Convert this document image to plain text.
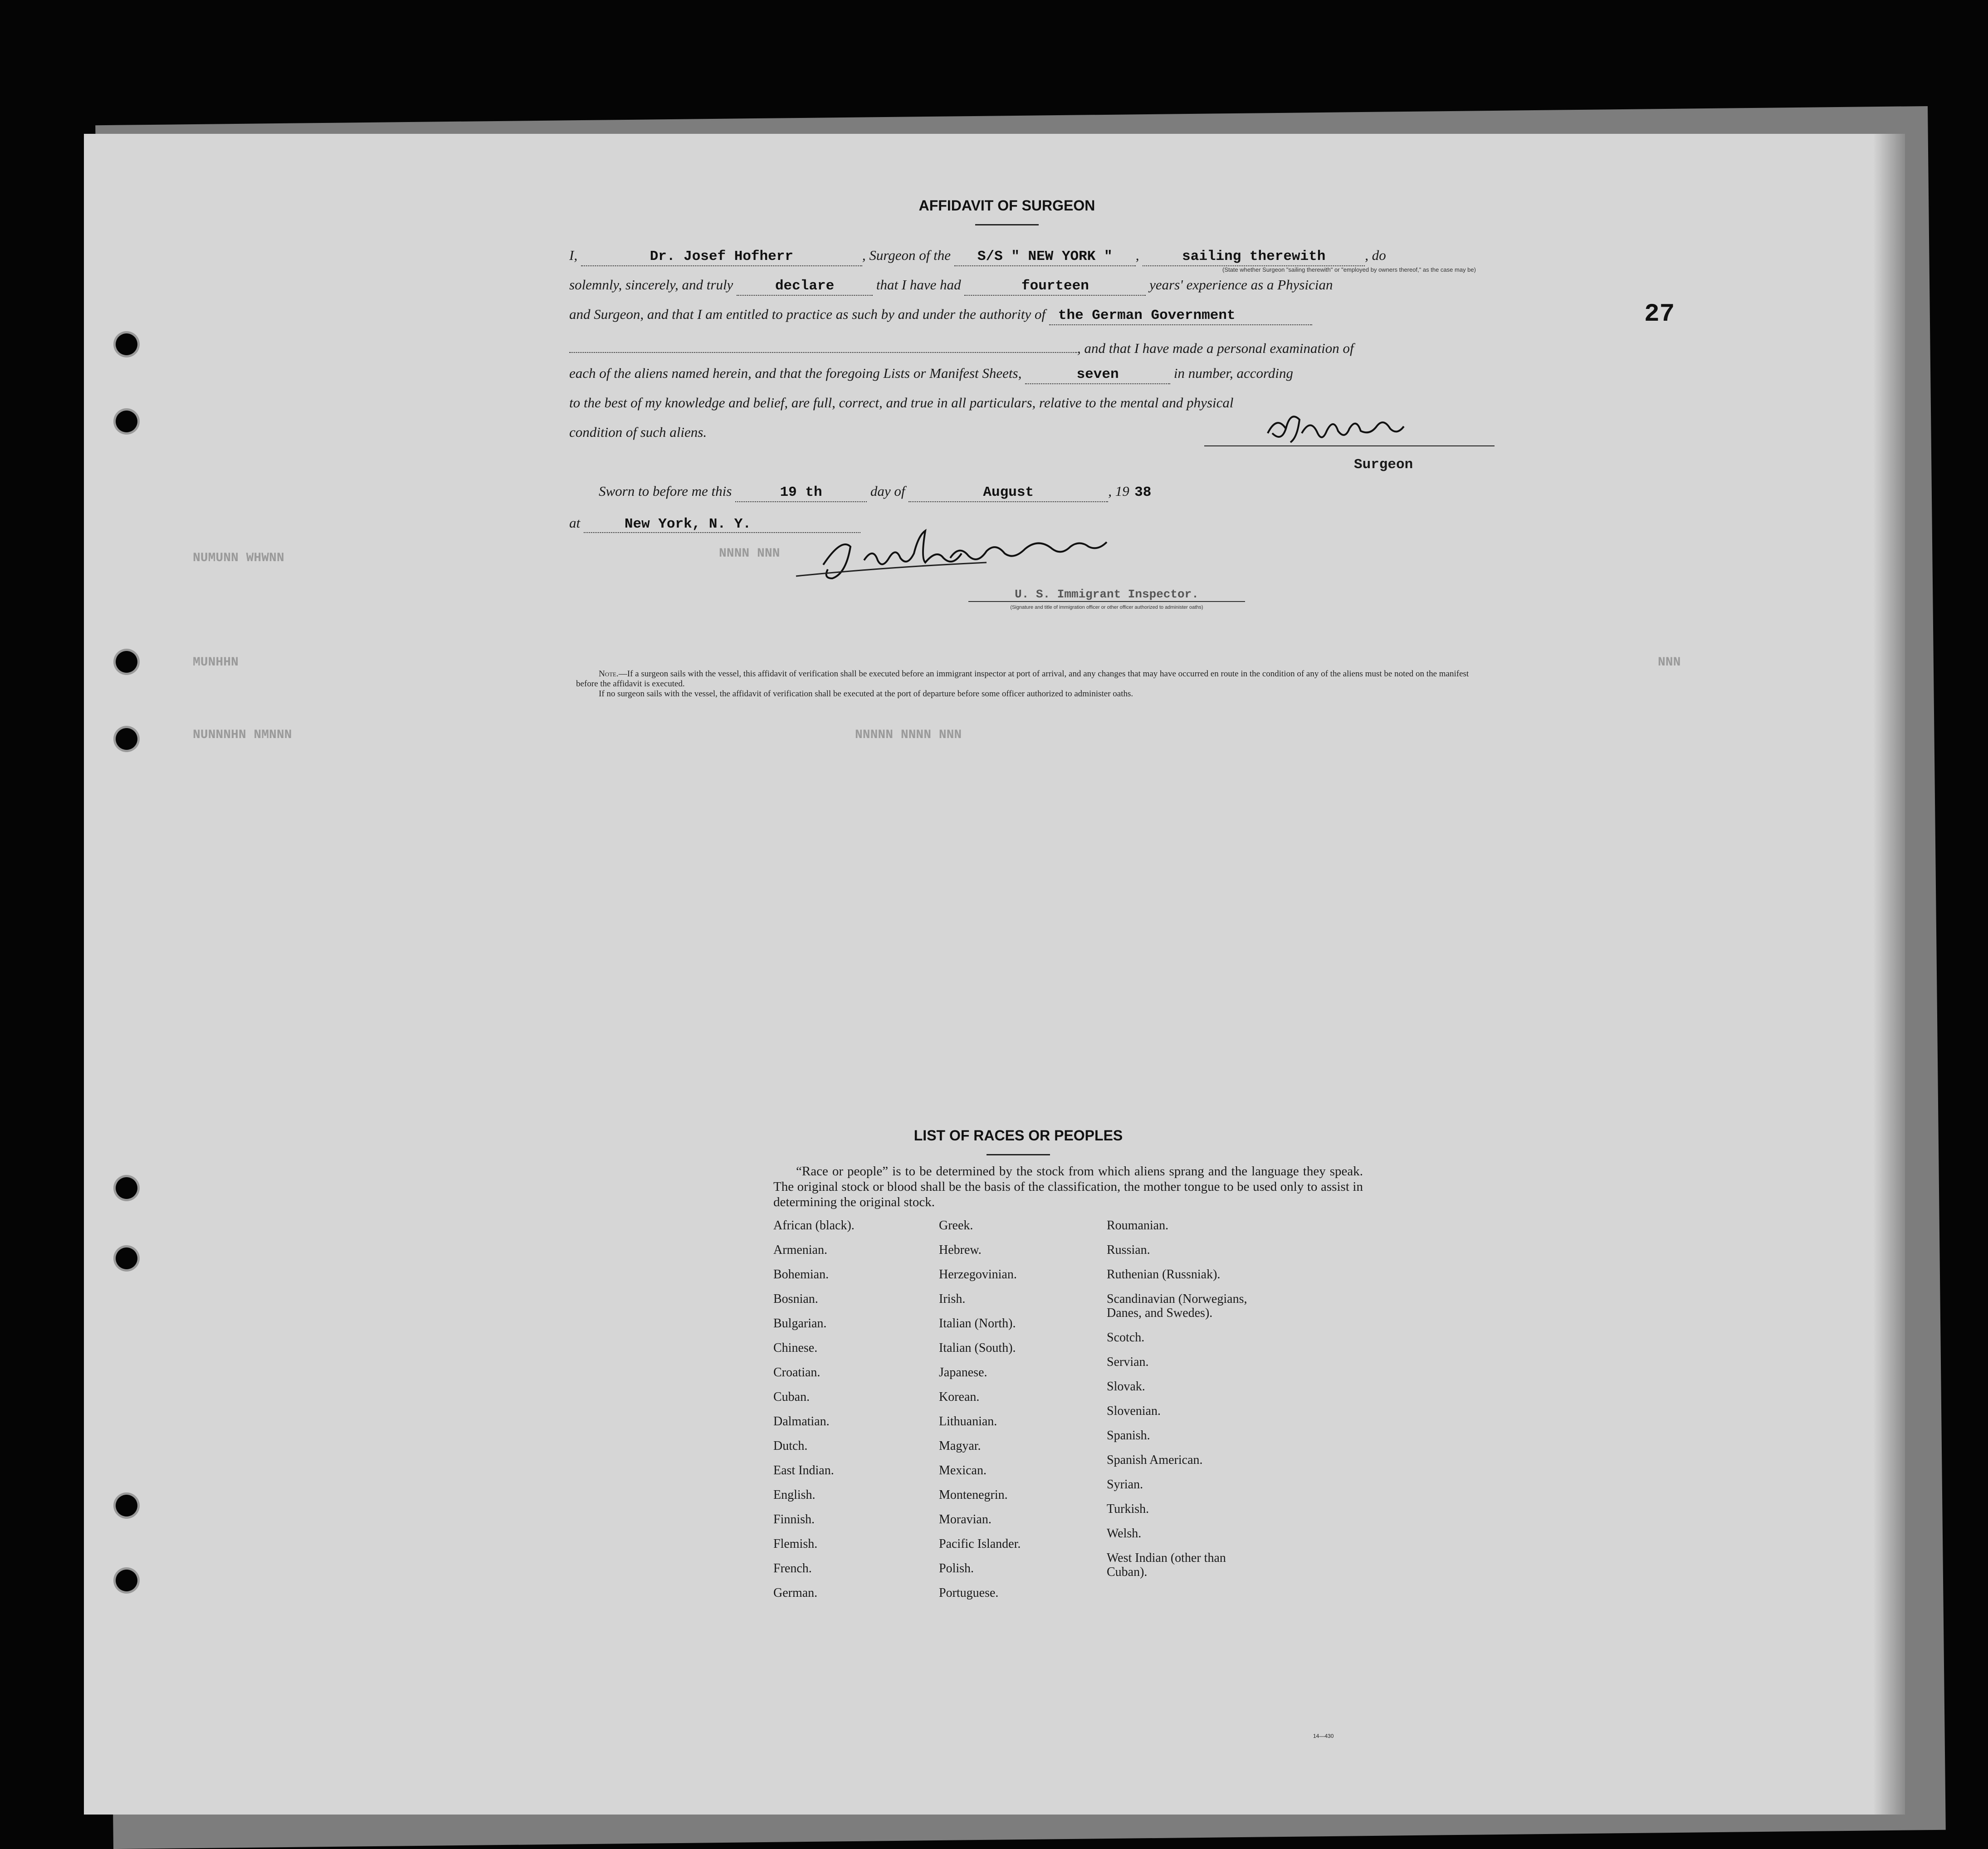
NUMUNN WHWNN
MUNHHN
NUNNNHN NMNNN
NNNN NNN
NNNNN NNNN NNN
NNN
27
AFFIDAVIT OF SURGEON
I,	Dr. Josef Hofherr	, Surgeon of the S/S " NEW YORK " ,	sailing therewith	, do
(State whether Surgeon "sailing therewith" or "employed by owners thereof," as the case may be)
solemnly, sincerely, and truly	declare	that I have had	fourteen	years' experience as a Physician
and Surgeon, and that I am entitled to practice as such by and under the authority of the German Government
, and that I have made a personal examination of
each of the aliens named herein, and that the foregoing Lists or Manifest Sheets,	seven	in number, according
to the best of my knowledge and belief, are full, correct, and true in all particulars, relative to the mental and physical
condition of such aliens.
Surgeon
Sworn to before me this	19 th	day of	August	, 19 38
at	New York, N. Y.
U. S. Immigrant Inspector.
(Signature and title of immigration officer or other officer authorized to administer oaths)
Note.—If a surgeon sails with the vessel, this affidavit of verification shall be executed before an immigrant inspector at port of arrival, and any changes that may have occurred en route in the condition of any of the aliens must be noted on the manifest before the affidavit is executed.
If no surgeon sails with the vessel, the affidavit of verification shall be executed at the port of departure before some officer authorized to administer oaths.
LIST OF RACES OR PEOPLES
“Race or people” is to be determined by the stock from which aliens sprang and the language they speak. The original stock or blood shall be the basis of the classification, the mother tongue to be used only to assist in determining the original stock.
African (black).
Armenian.
Bohemian.
Bosnian.
Bulgarian.
Chinese.
Croatian.
Cuban.
Dalmatian.
Dutch.
East Indian.
English.
Finnish.
Flemish.
French.
German.
Greek.
Hebrew.
Herzegovinian.
Irish.
Italian (North).
Italian (South).
Japanese.
Korean.
Lithuanian.
Magyar.
Mexican.
Montenegrin.
Moravian.
Pacific Islander.
Polish.
Portuguese.
Roumanian.
Russian.
Ruthenian (Russniak).
Scandinavian (Norwegians, Danes, and Swedes).
Scotch.
Servian.
Slovak.
Slovenian.
Spanish.
Spanish American.
Syrian.
Turkish.
Welsh.
West Indian (other than Cuban).
14—430
